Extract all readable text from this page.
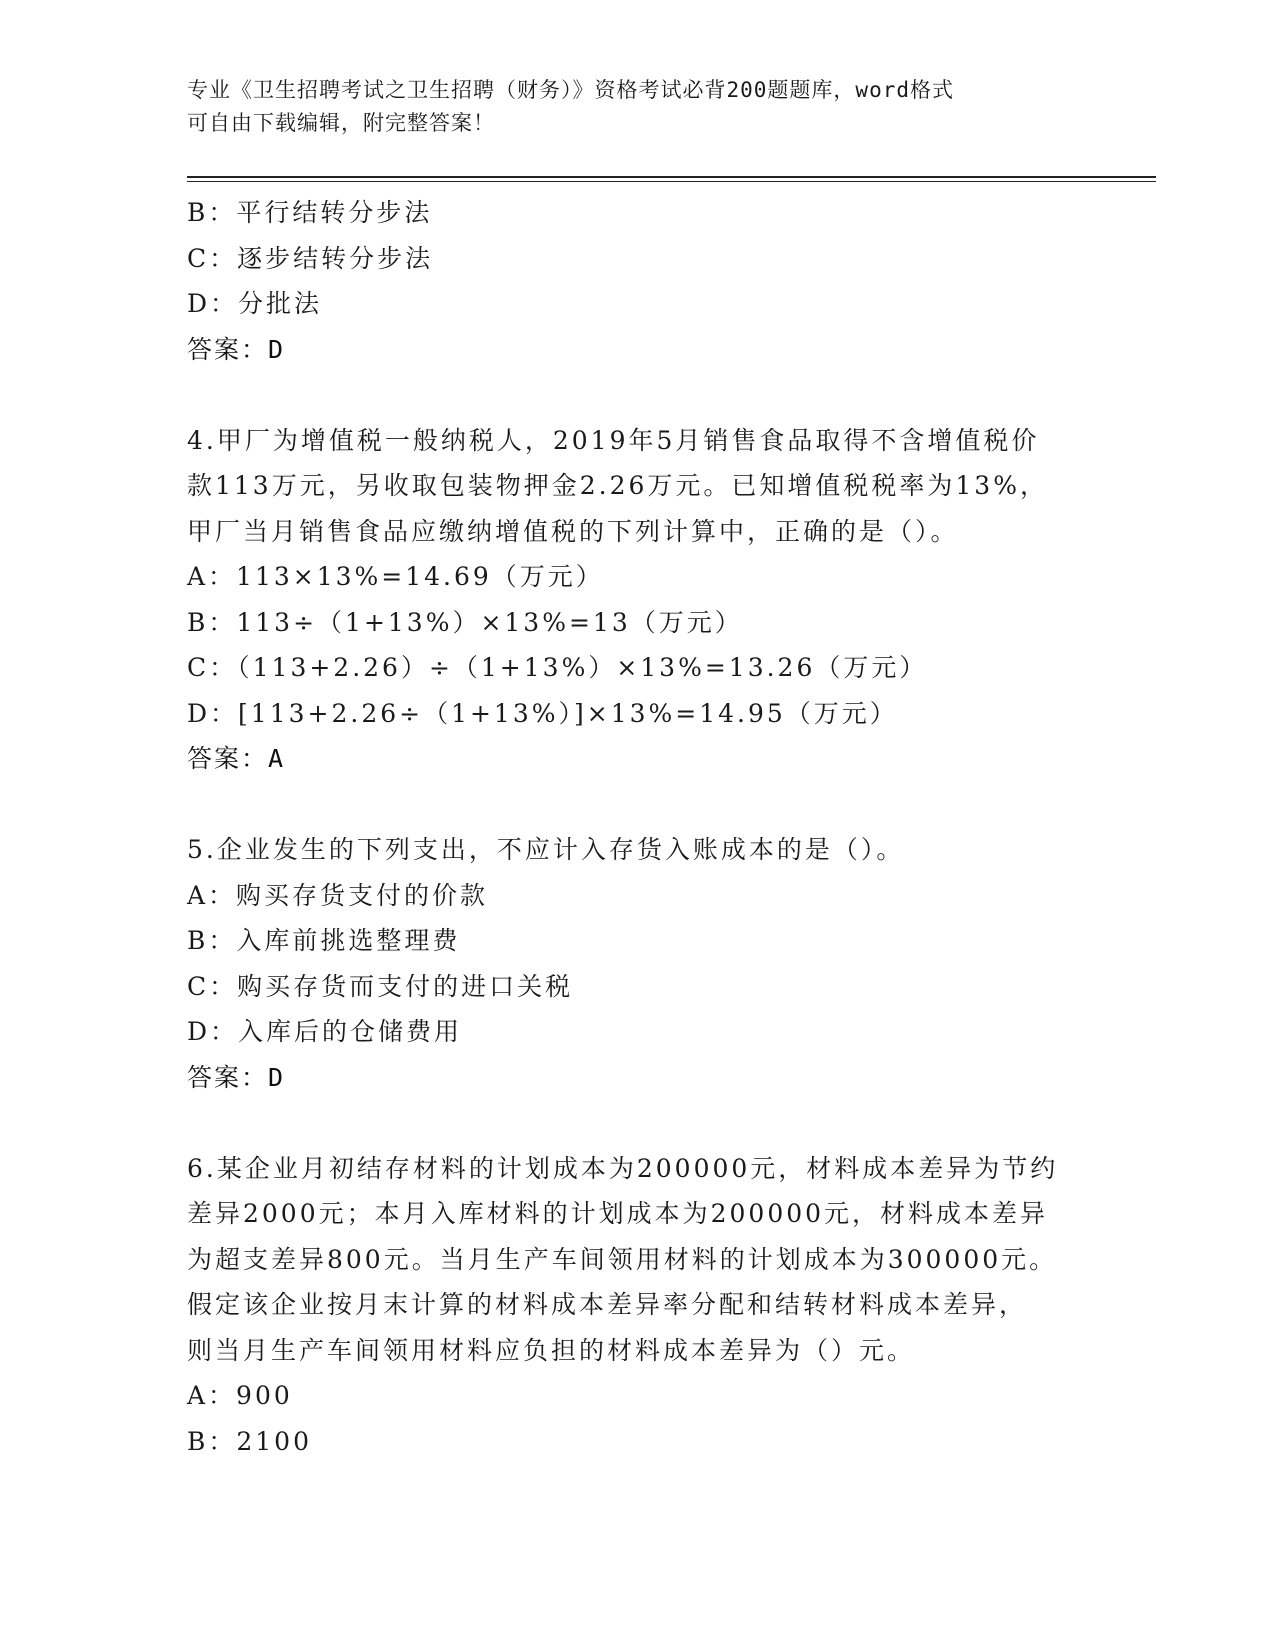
专业《卫生招聘考试之卫生招聘（财务）》资格考试必背200题题库，word格式
可自由下载编辑，附完整答案！
B：平行结转分步法
C：逐步结转分步法
D：分批法
答案：D
4.甲厂为增值税一般纳税人，2019年5月销售食品取得不含增值税价
款113万元，另收取包装物押金2.26万元。已知增值税税率为13%，
甲厂当月销售食品应缴纳增值税的下列计算中，正确的是（）。
A：113×13%=14.69（万元）
B：113÷（1+13%）×13%=13（万元）
C：（113+2.26）÷（1+13%）×13%=13.26（万元）
D：[113+2.26÷（1+13%）]×13%=14.95（万元）
答案：A
5.企业发生的下列支出，不应计入存货入账成本的是（）。
A：购买存货支付的价款
B：入库前挑选整理费
C：购买存货而支付的进口关税
D：入库后的仓储费用
答案：D
6.某企业月初结存材料的计划成本为200000元，材料成本差异为节约
差异2000元；本月入库材料的计划成本为200000元，材料成本差异
为超支差异800元。当月生产车间领用材料的计划成本为300000元。
假定该企业按月末计算的材料成本差异率分配和结转材料成本差异，
则当月生产车间领用材料应负担的材料成本差异为（）元。
A：900
B：2100
